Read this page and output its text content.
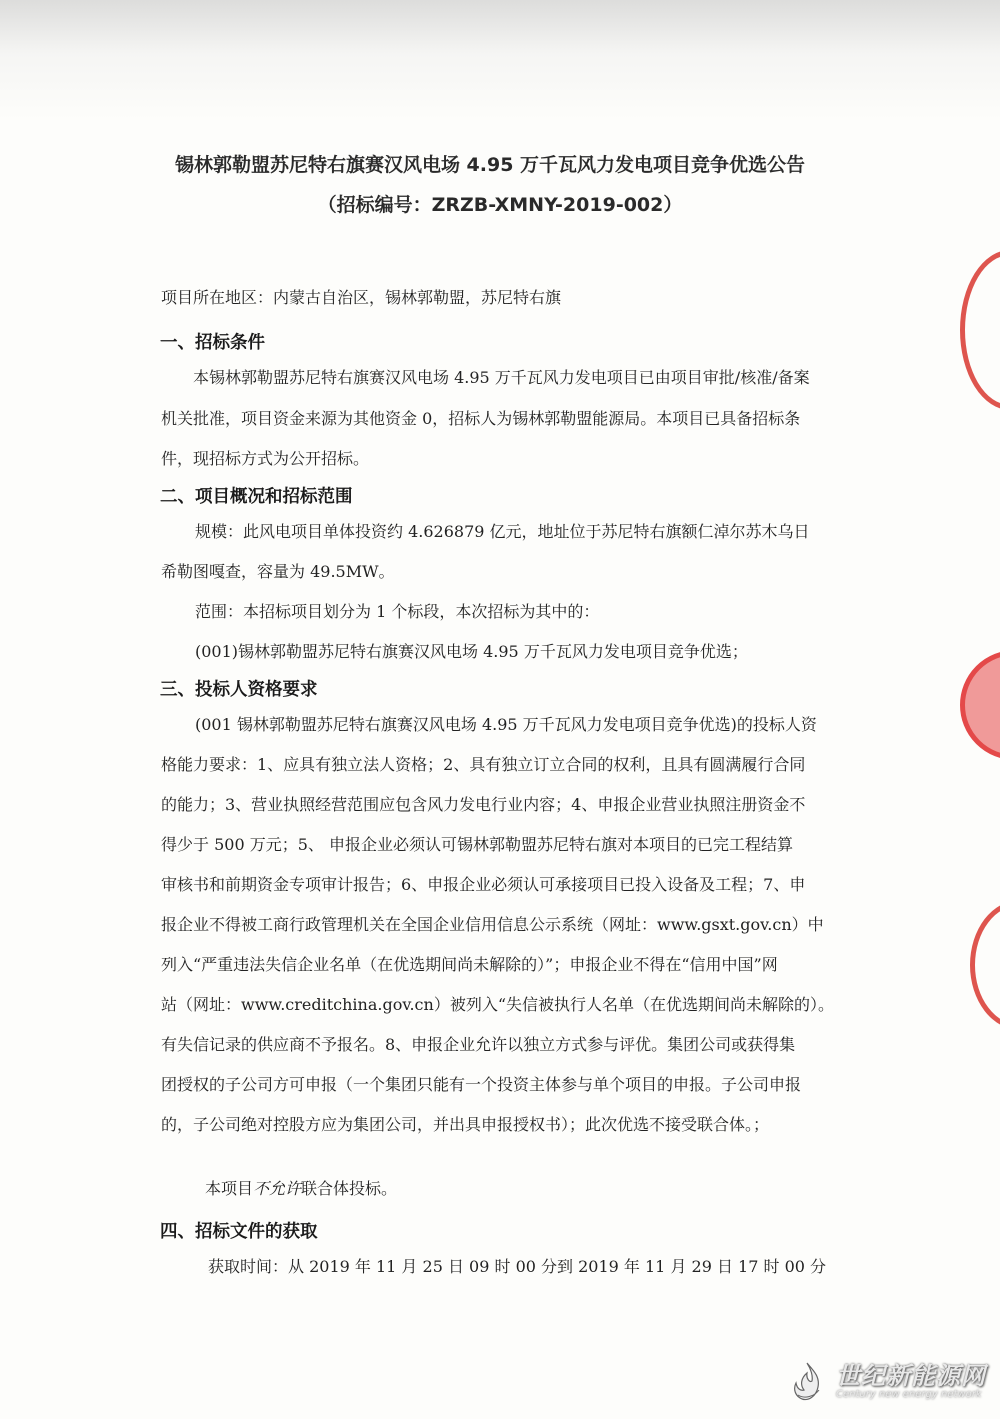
锡林郭勒盟苏尼特右旗赛汉风电场 4.95 万千瓦风力发电项目竞争优选公告
（招标编号：ZRZB-XMNY-2019-002）
项目所在地区：内蒙古自治区，锡林郭勒盟，苏尼特右旗
一、招标条件
本锡林郭勒盟苏尼特右旗赛汉风电场 4.95 万千瓦风力发电项目已由项目审批/核准/备案
机关批准，项目资金来源为其他资金 0，招标人为锡林郭勒盟能源局。本项目已具备招标条
件，现招标方式为公开招标。
二、项目概况和招标范围
规模：此风电项目单体投资约 4.626879 亿元，地址位于苏尼特右旗额仁淖尔苏木乌日
希勒图嘎查，容量为 49.5MW。
范围：本招标项目划分为 1 个标段，本次招标为其中的：
(001)锡林郭勒盟苏尼特右旗赛汉风电场 4.95 万千瓦风力发电项目竞争优选；
三、投标人资格要求
(001 锡林郭勒盟苏尼特右旗赛汉风电场 4.95 万千瓦风力发电项目竞争优选)的投标人资
格能力要求：1、应具有独立法人资格；2、具有独立订立合同的权利，且具有圆满履行合同
的能力；3、营业执照经营范围应包含风力发电行业内容；4、申报企业营业执照注册资金不
得少于 500 万元；5、 申报企业必须认可锡林郭勒盟苏尼特右旗对本项目的已完工程结算
审核书和前期资金专项审计报告；6、申报企业必须认可承接项目已投入设备及工程；7、申
报企业不得被工商行政管理机关在全国企业信用信息公示系统（网址：www.gsxt.gov.cn）中
列入“严重违法失信企业名单（在优选期间尚未解除的）”；申报企业不得在“信用中国”网
站（网址：www.creditchina.gov.cn）被列入“失信被执行人名单（在优选期间尚未解除的）。
有失信记录的供应商不予报名。8、申报企业允许以独立方式参与评优。集团公司或获得集
团授权的子公司方可申报（一个集团只能有一个投资主体参与单个项目的申报。子公司申报
的，子公司绝对控股方应为集团公司，并出具申报授权书）；此次优选不接受联合体。；
本项目不允许联合体投标。
四、招标文件的获取
获取时间：从 2019 年 11 月 25 日 09 时 00 分到 2019 年 11 月 29 日 17 时 00 分
世纪新能源网
Century new energy network
